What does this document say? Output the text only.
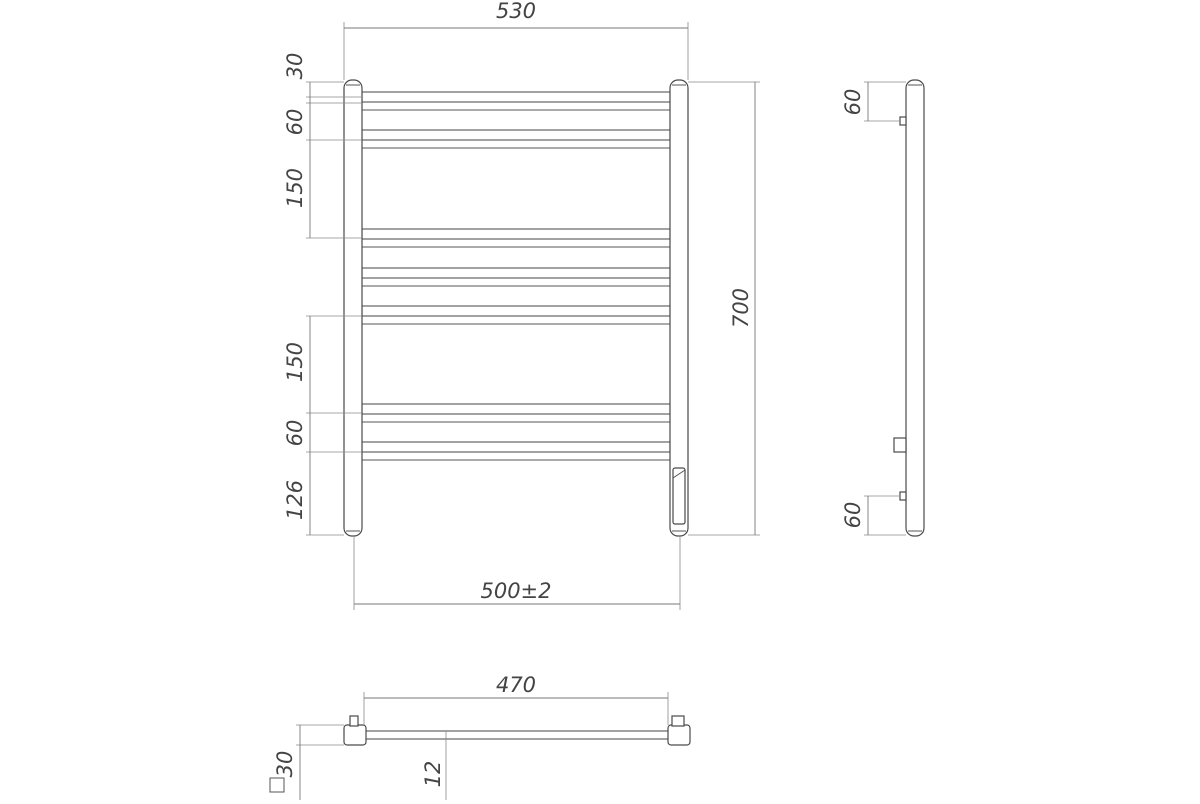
530
700
500±2
30
60
150
150
60
126
60
60
470
30	12
